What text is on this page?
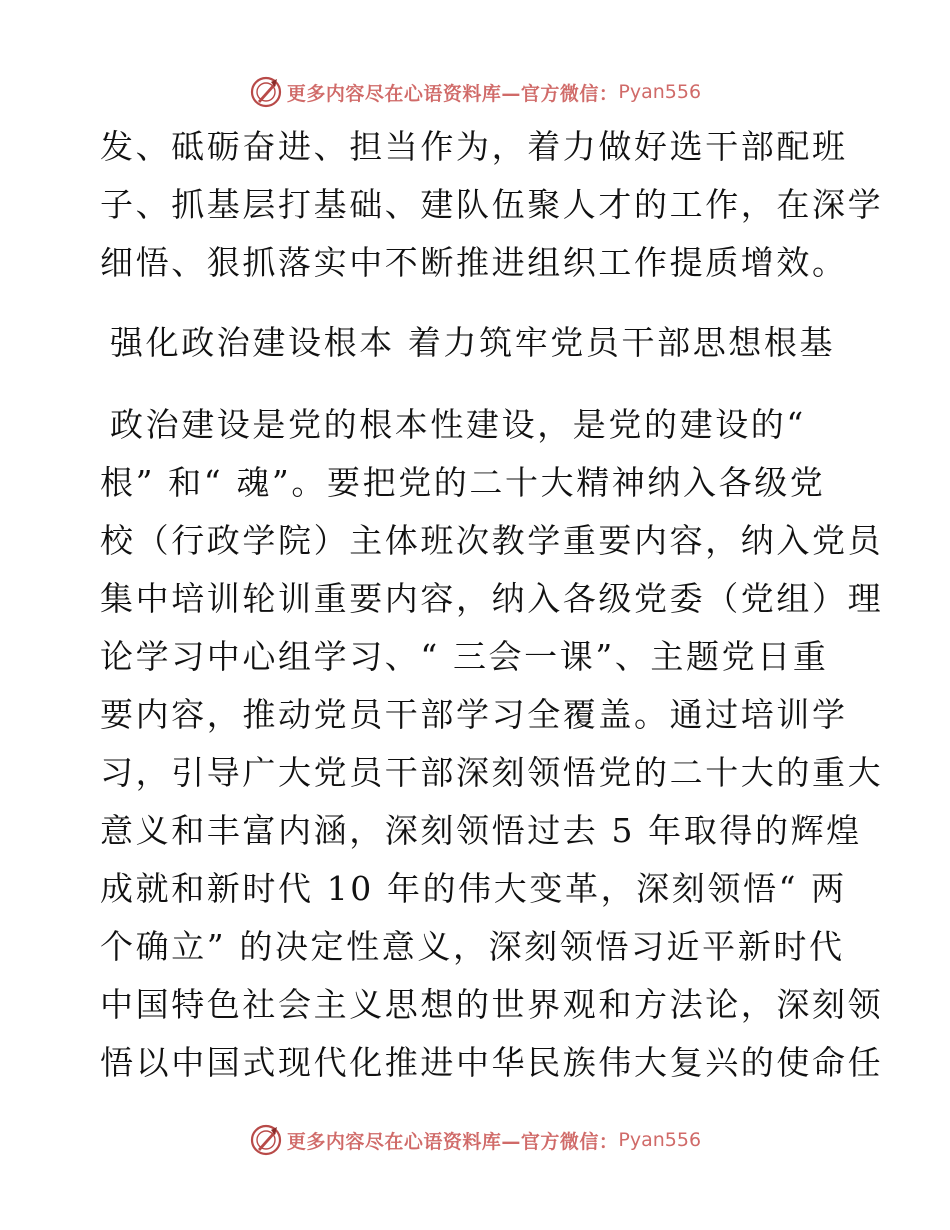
更多内容尽在心语资料库—官方微信： Pyan556
发、砥砺奋进、担当作为，着力做好选干部配班
子、抓基层打基础、建队伍聚人才的工作，在深学
细悟、狠抓落实中不断推进组织工作提质增效。
强化政治建设根本 着力筑牢党员干部思想根基
政治建设是党的根本性建设，是党的建设的“
根” 和“ 魂”。要把党的二十大精神纳入各级党
校（行政学院）主体班次教学重要内容，纳入党员
集中培训轮训重要内容，纳入各级党委（党组）理
论学习中心组学习、“ 三会一课”、主题党日重
要内容，推动党员干部学习全覆盖。通过培训学
习，引导广大党员干部深刻领悟党的二十大的重大
意义和丰富内涵，深刻领悟过去 5 年取得的辉煌
成就和新时代 10 年的伟大变革，深刻领悟“ 两
个确立” 的决定性意义，深刻领悟习近平新时代
中国特色社会主义思想的世界观和方法论，深刻领
悟以中国式现代化推进中华民族伟大复兴的使命任
更多内容尽在心语资料库—官方微信： Pyan556
